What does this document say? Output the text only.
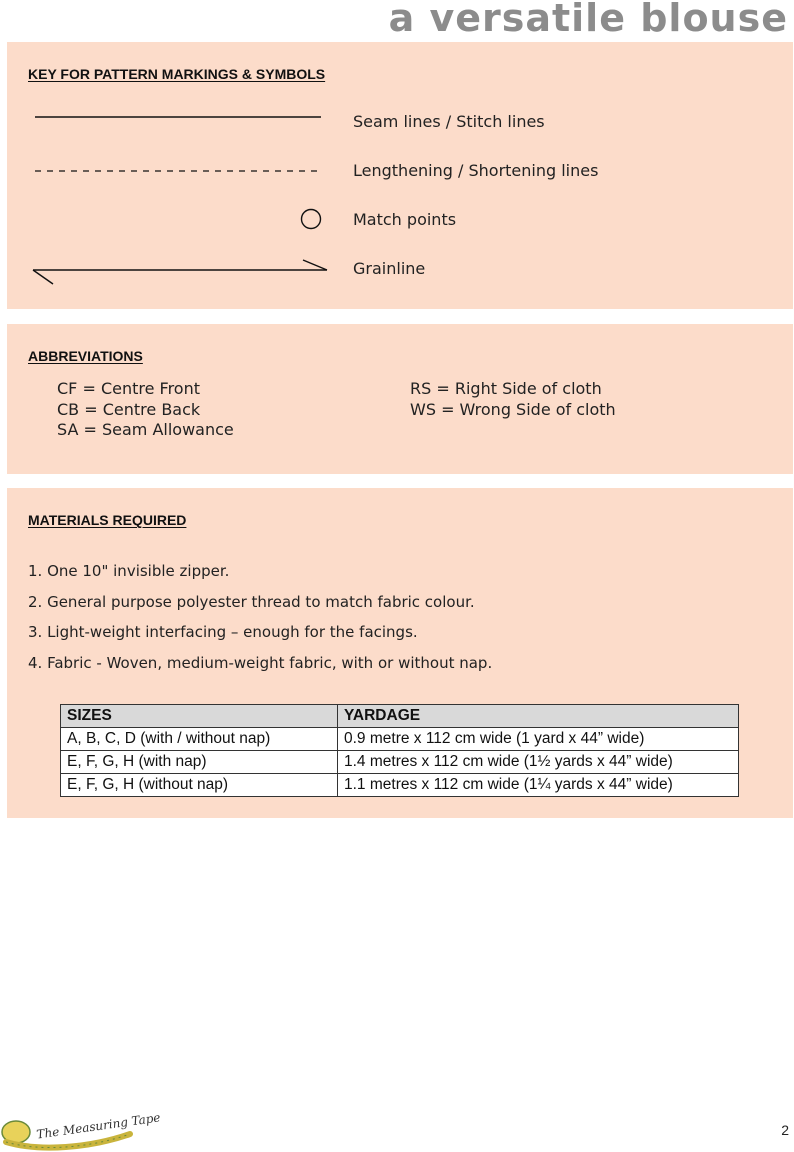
a versatile blouse
KEY FOR PATTERN MARKINGS & SYMBOLS
Seam lines / Stitch lines
Lengthening / Shortening lines
Match points
Grainline
ABBREVIATIONS
CF = Centre Front
CB = Centre Back
SA = Seam Allowance
RS = Right Side of cloth
WS = Wrong Side of cloth
MATERIALS REQUIRED
1. One 10" invisible zipper.
2. General purpose polyester thread to match fabric colour.
3. Light-weight interfacing – enough for the facings.
4. Fabric - Woven, medium-weight fabric, with or without nap.
SIZES	YARDAGE
A, B, C, D (with / without nap)	0.9 metre x 112 cm wide (1 yard x 44” wide)
E, F, G, H (with nap)	1.4 metres x 112 cm wide (1½ yards x 44” wide)
E, F, G, H (without nap)	1.1 metres x 112 cm wide (1¼ yards x 44” wide)
The Measuring Tape	2
